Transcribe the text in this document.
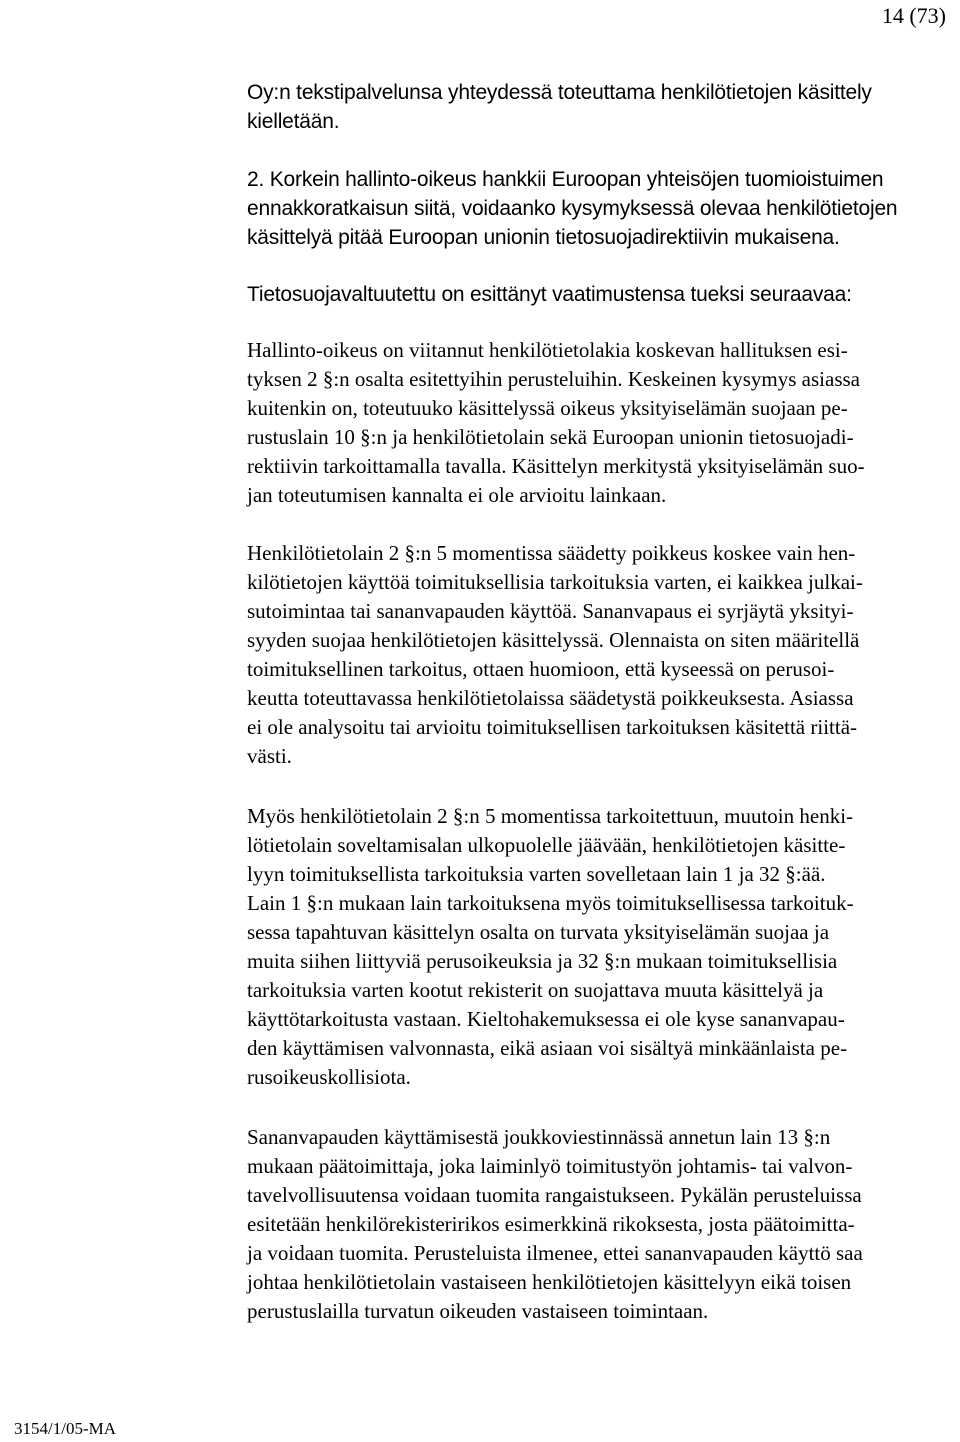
14 (73)

Oy:n tekstipalvelunsa yhteydessä toteuttama henkilötietojen käsittely
kielletään.

2. Korkein hallinto-oikeus hankkii Euroopan yhteisöjen tuomioistuimen
ennakkoratkaisun siitä, voidaanko kysymyksessä olevaa henkilötietojen
käsittelyä pitää Euroopan unionin tietosuojadirektiivin mukaisena.

Tietosuojavaltuutettu on esittänyt vaatimustensa tueksi seuraavaa:

Hallinto-oikeus on viitannut henkilötietolakia koskevan hallituksen esi-
tyksen 2 §:n osalta esitettyihin perusteluihin. Keskeinen kysymys asiassa
kuitenkin on, toteutuuko käsittelyssä oikeus yksityiselämän suojaan pe-
rustuslain 10 §:n ja henkilötietolain sekä Euroopan unionin tietosuojadi-
rektiivin tarkoittamalla tavalla. Käsittelyn merkitystä yksityiselämän suo-
jan toteutumisen kannalta ei ole arvioitu lainkaan.

Henkilötietolain 2 §:n 5 momentissa säädetty poikkeus koskee vain hen-
kilötietojen käyttöä toimituksellisia tarkoituksia varten, ei kaikkea julkai-
sutoimintaa tai sananvapauden käyttöä. Sananvapaus ei syrjäytä yksityi-
syyden suojaa henkilötietojen käsittelyssä. Olennaista on siten määritellä
toimituksellinen tarkoitus, ottaen huomioon, että kyseessä on perusoi-
keutta toteuttavassa henkilötietolaissa säädetystä poikkeuksesta. Asiassa
ei ole analysoitu tai arvioitu toimituksellisen tarkoituksen käsitettä riittä-
västi.

Myös henkilötietolain 2 §:n 5 momentissa tarkoitettuun, muutoin henki-
lötietolain soveltamisalan ulkopuolelle jäävään, henkilötietojen käsitte-
lyyn toimituksellista tarkoituksia varten sovelletaan lain 1 ja 32 §:ää.
Lain 1 §:n mukaan lain tarkoituksena myös toimituksellisessa tarkoituk-
sessa tapahtuvan käsittelyn osalta on turvata yksityiselämän suojaa ja
muita siihen liittyviä perusoikeuksia ja 32 §:n mukaan toimituksellisia
tarkoituksia varten kootut rekisterit on suojattava muuta käsittelyä ja
käyttötarkoitusta vastaan. Kieltohakemuksessa ei ole kyse sananvapau-
den käyttämisen valvonnasta, eikä asiaan voi sisältyä minkäänlaista pe-
rusoikeuskollisiota.

Sananvapauden käyttämisestä joukkoviestinnässä annetun lain 13 §:n
mukaan päätoimittaja, joka laiminlyö toimitustyön johtamis- tai valvon-
tavelvollisuutensa voidaan tuomita rangaistukseen. Pykälän perusteluissa
esitetään henkilörekisteririkos esimerkkinä rikoksesta, josta päätoimitta-
ja voidaan tuomita. Perusteluista ilmenee, ettei sananvapauden käyttö saa
johtaa henkilötietolain vastaiseen henkilötietojen käsittelyyn eikä toisen
perustuslailla turvatun oikeuden vastaiseen toimintaan.

3154/1/05-MA
